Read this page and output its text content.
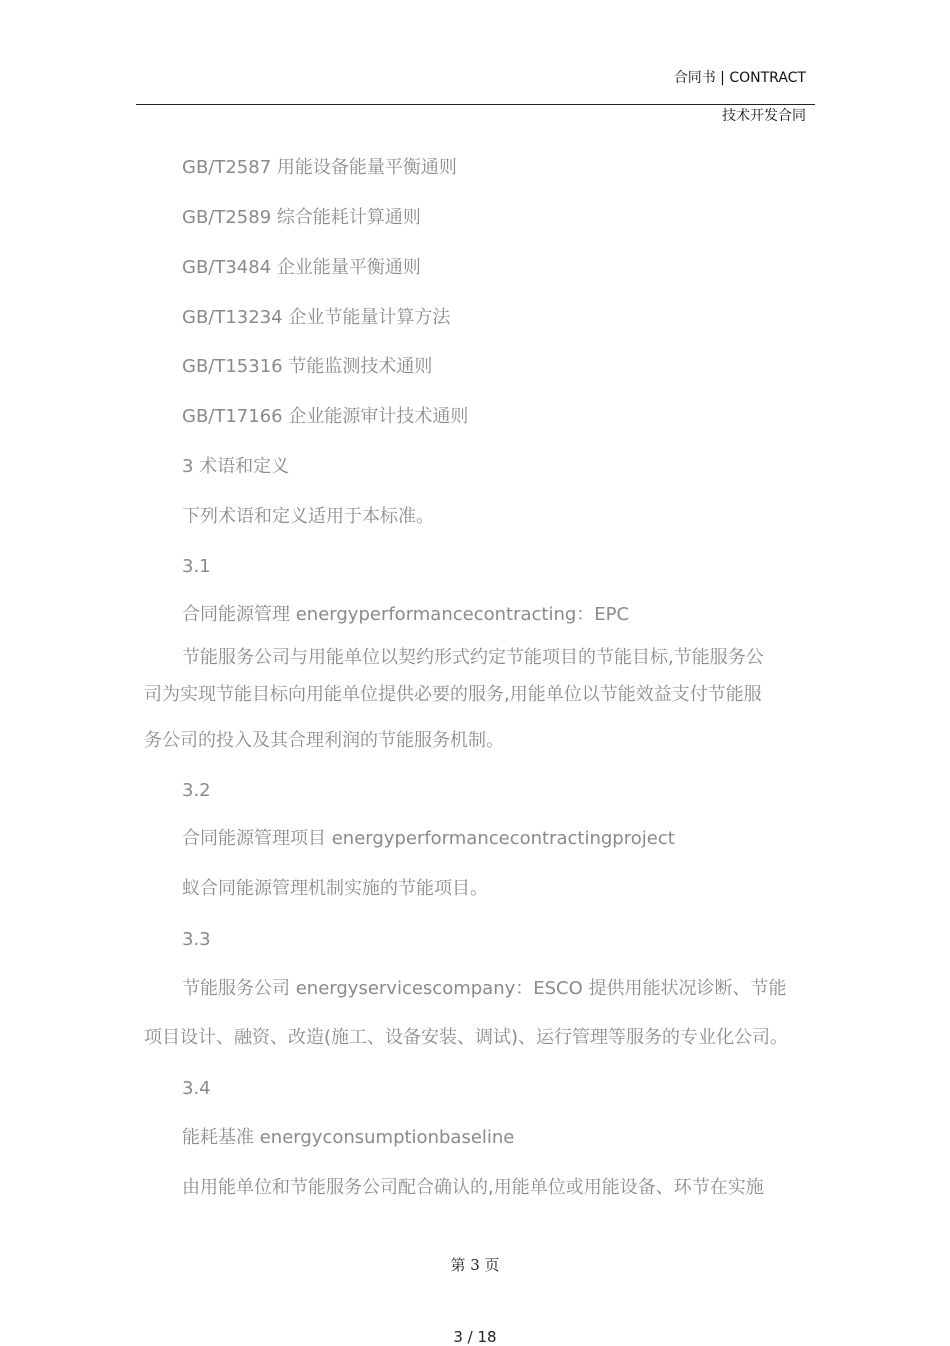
合同书 | CONTRACT
技术开发合同
GB/T2587 用能设备能量平衡通则
GB/T2589 综合能耗计算通则
GB/T3484 企业能量平衡通则
GB/T13234 企业节能量计算方法
GB/T15316 节能监测技术通则
GB/T17166 企业能源审计技术通则
3 术语和定义
下列术语和定义适用于本标准。
3.1
合同能源管理 energyperformancecontracting：EPC
节能服务公司与用能单位以契约形式约定节能项目的节能目标,节能服务公
司为实现节能目标向用能单位提供必要的服务,用能单位以节能效益支付节能服
务公司的投入及其合理利润的节能服务机制。
3.2
合同能源管理项目 energyperformancecontractingproject
蚁合同能源管理机制实施的节能项目。
3.3
节能服务公司 energyservicescompany：ESCO 提供用能状况诊断、节能
项目设计、融资、改造(施工、设备安装、调试)、运行管理等服务的专业化公司。
3.4
能耗基准 energyconsumptionbaseline
由用能单位和节能服务公司配合确认的,用能单位或用能设备、环节在实施
第 3 页
3 / 18
